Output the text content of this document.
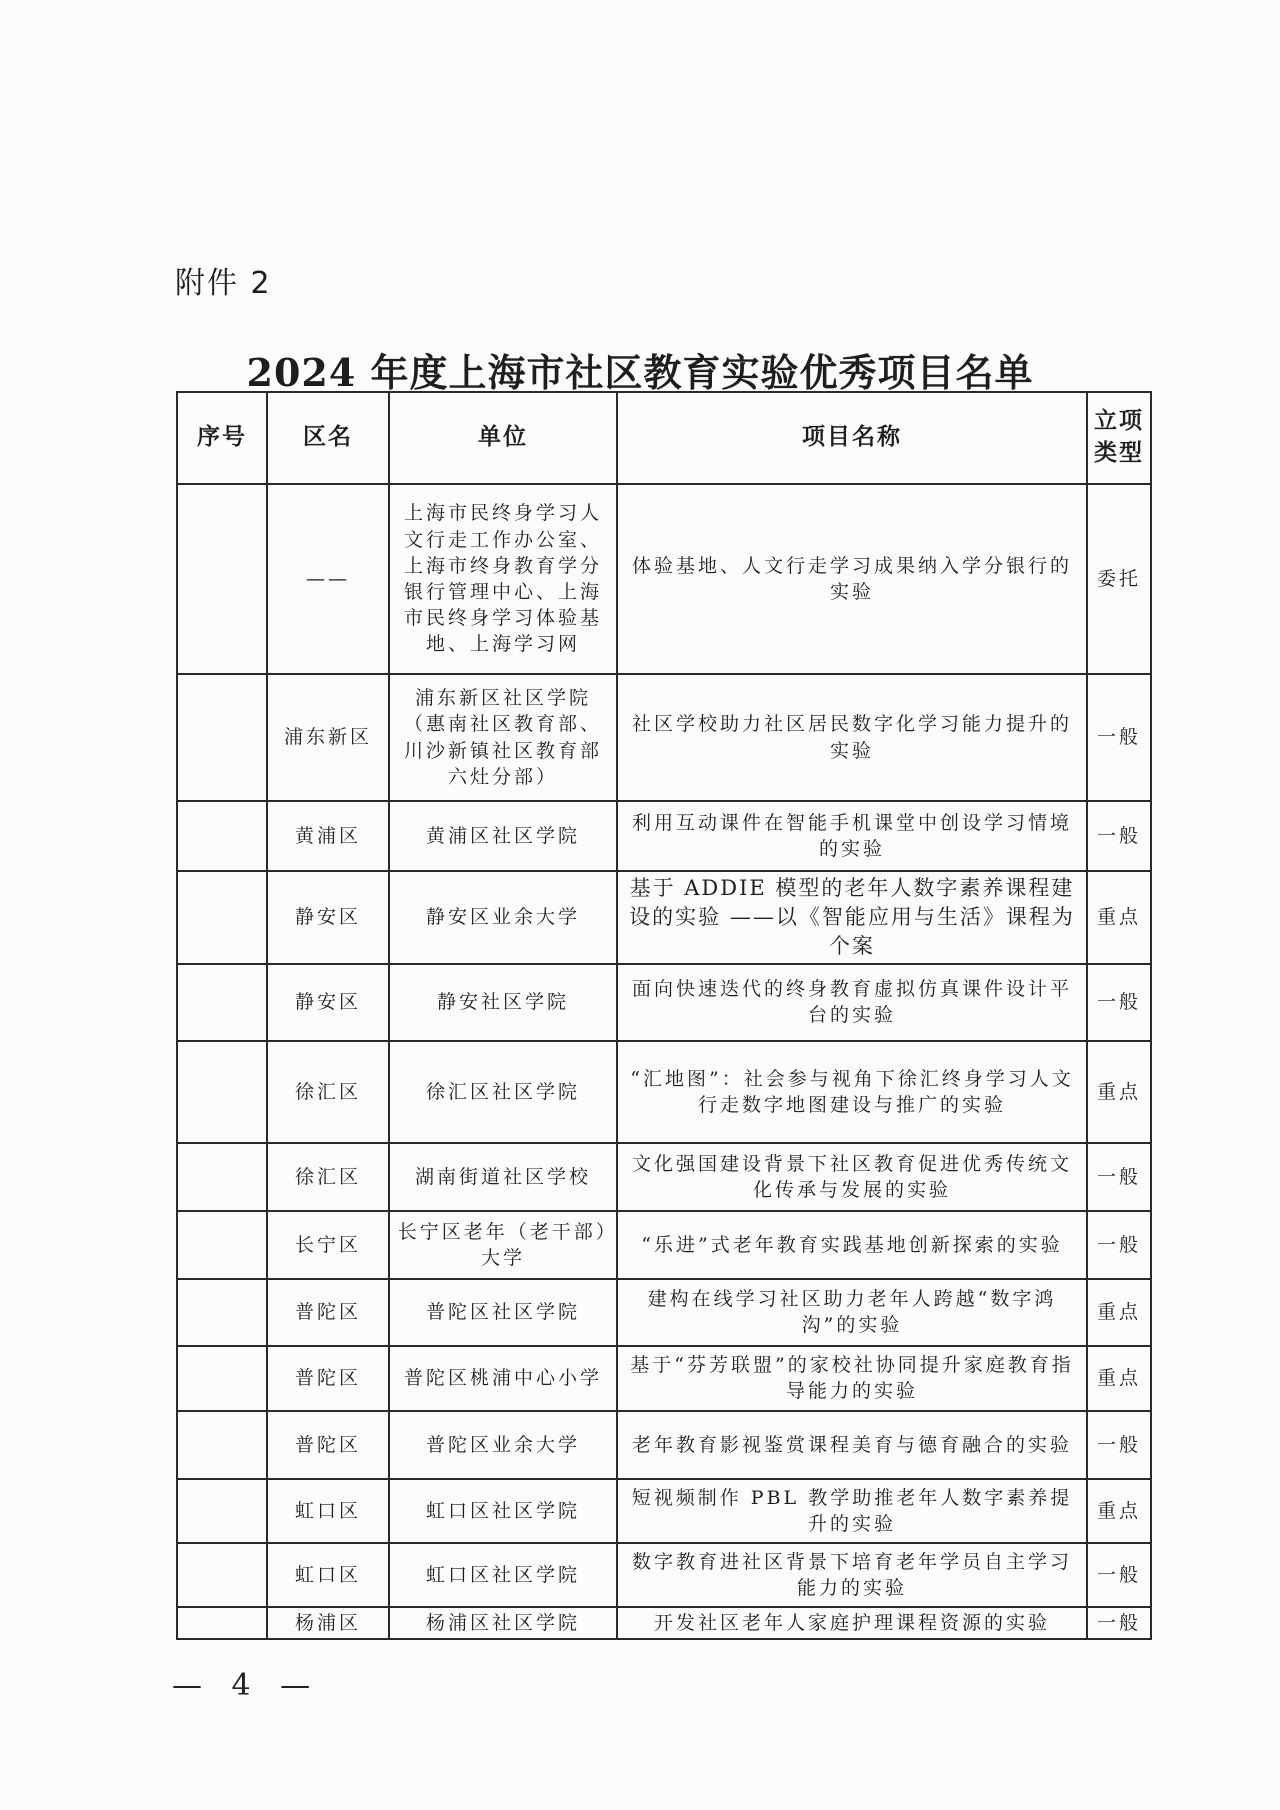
附件 2
2024 年度上海市社区教育实验优秀项目名单
序号	区名	单位	项目名称	立项类型
	——	上海市民终身学习人文行走工作办公室、上海市终身教育学分银行管理中心、上海市民终身学习体验基地、上海学习网	体验基地、人文行走学习成果纳入学分银行的实验	委托
	浦东新区	浦东新区社区学院（惠南社区教育部、川沙新镇社区教育部六灶分部）	社区学校助力社区居民数字化学习能力提升的实验	一般
	黄浦区	黄浦区社区学院	利用互动课件在智能手机课堂中创设学习情境的实验	一般
	静安区	静安区业余大学	基于 ADDIE 模型的老年人数字素养课程建设的实验 ——以《智能应用与生活》课程为个案	重点
	静安区	静安社区学院	面向快速迭代的终身教育虚拟仿真课件设计平台的实验	一般
	徐汇区	徐汇区社区学院	“汇地图”：社会参与视角下徐汇终身学习人文行走数字地图建设与推广的实验	重点
	徐汇区	湖南街道社区学校	文化强国建设背景下社区教育促进优秀传统文化传承与发展的实验	一般
	长宁区	长宁区老年（老干部）大学	“乐进”式老年教育实践基地创新探索的实验	一般
	普陀区	普陀区社区学院	建构在线学习社区助力老年人跨越“数字鸿沟”的实验	重点
	普陀区	普陀区桃浦中心小学	基于“芬芳联盟”的家校社协同提升家庭教育指导能力的实验	重点
	普陀区	普陀区业余大学	老年教育影视鉴赏课程美育与德育融合的实验	一般
	虹口区	虹口区社区学院	短视频制作 PBL 教学助推老年人数字素养提升的实验	重点
	虹口区	虹口区社区学院	数字教育进社区背景下培育老年学员自主学习能力的实验	一般
	杨浦区	杨浦区社区学院	开发社区老年人家庭护理课程资源的实验	一般
— 4 —
